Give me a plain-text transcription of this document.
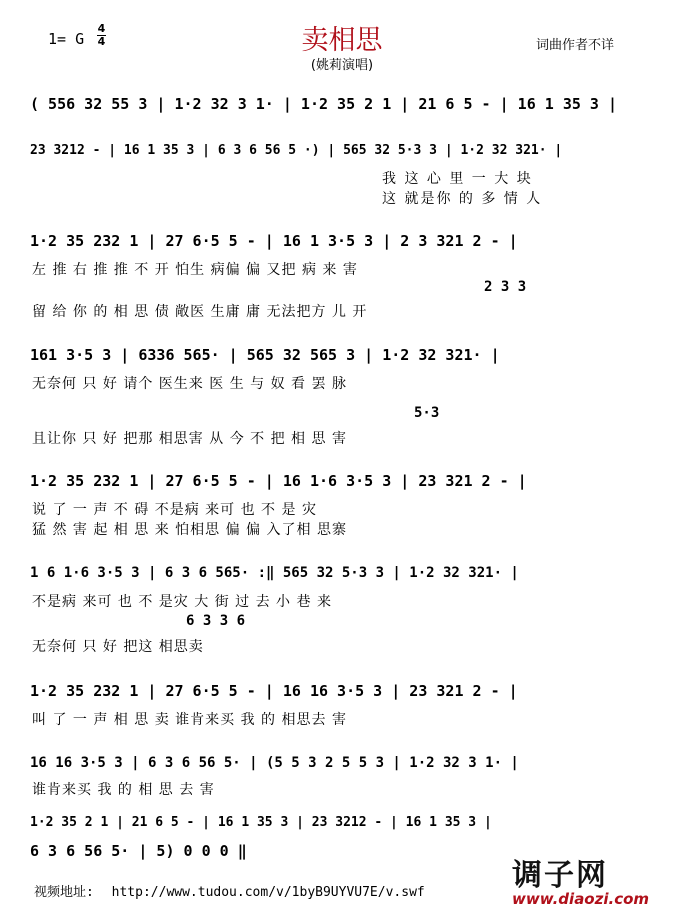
1= G
4
4	卖相思
(姚莉演唱)
词曲作者不详
( 556 32 55 3 | 1·2 32 3 1· | 1·2 35 2 1 | 21 6 5 - | 16 1 35 3 |
23 3212 - | 16 1 35 3 | 6 3 6 56 5 ·) | 565 32 5·3 3 | 1·2 32 321· |
我 这 心 里 一 大 块
这 就是你 的 多 情 人
1·2 35 232 1 | 27 6·5 5 - | 16 1 3·5 3 | 2 3 321 2 - |
左 推 右 推 推 不 开 怕生 病偏 偏 又把 病 来 害
2 3 3
留 给 你 的 相 思 债 敞医 生庸 庸 无法把方 儿 开
161 3·5 3 | 6336 565· | 565 32 565 3 | 1·2 32 321· |
无奈何 只 好 请个 医生来 医 生 与 奴 看 罢 脉
5·3
且让你 只 好 把那 相思害 从 今 不 把 相 思 害
1·2 35 232 1 | 27 6·5 5 - | 16 1·6 3·5 3 | 23 321 2 - |
说 了 一 声 不 碍 不是病 来可 也 不 是 灾
猛 然 害 起 相 思 来 怕相思 偏 偏 入了相 思寨
1 6 1·6 3·5 3 | 6 3 6 565· :‖ 565 32 5·3 3 | 1·2 32 321· |
不是病 来可 也 不 是灾 大 街 过 去 小 巷 来
6 3 3 6
无奈何 只 好 把这 相思卖
1·2 35 232 1 | 27 6·5 5 - | 16 16 3·5 3 | 23 321 2 - |
叫 了 一 声 相 思 卖 谁肯来买 我 的 相思去 害
16 16 3·5 3 | 6 3 6 56 5· | (5 5 3 2 5 5 3 | 1·2 32 3 1· |
谁肯来买 我 的 相 思 去 害
1·2 35 2 1 | 21 6 5 - | 16 1 35 3 | 23 3212 - | 16 1 35 3 |
6 3 6 56 5· | 5) 0 0 0 ‖
视频地址: http://www.tudou.com/v/1byB9UYVU7E/v.swf	调子网
www.diaozi.com
